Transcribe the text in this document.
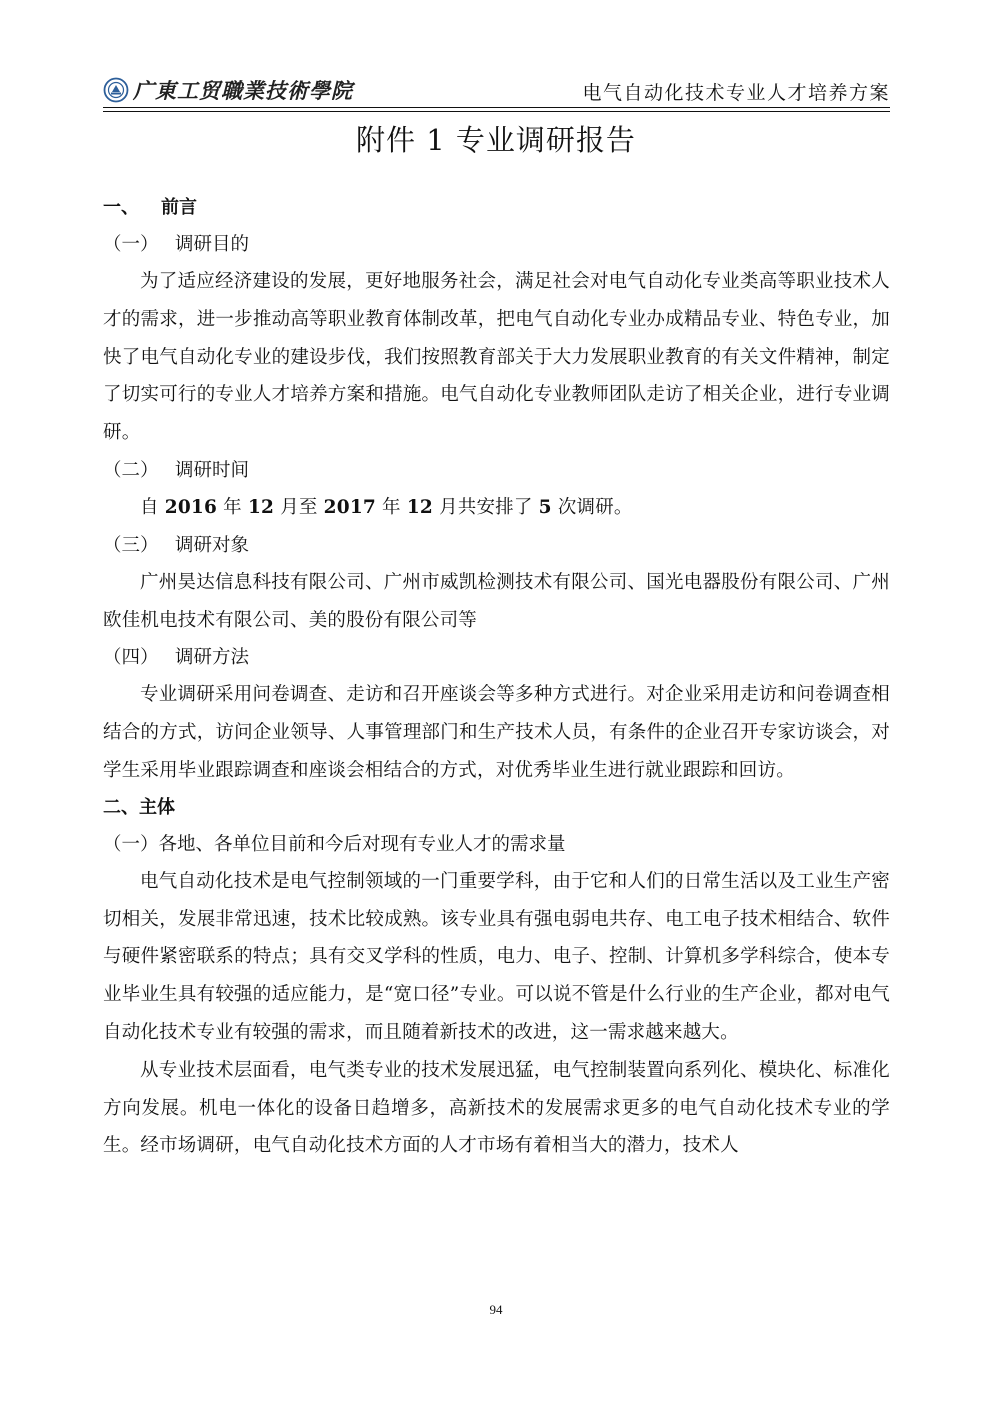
广東工贸職業技術學院	电气自动化技术专业人才培养方案
附件 1 专业调研报告

一、 前言

（一） 调研目的

为了适应经济建设的发展，更好地服务社会，满足社会对电气自动化专业类高等职业技术人才的需求，进一步推动高等职业教育体制改革，把电气自动化专业办成精品专业、特色专业，加快了电气自动化专业的建设步伐，我们按照教育部关于大力发展职业教育的有关文件精神，制定了切实可行的专业人才培养方案和措施。电气自动化专业教师团队走访了相关企业，进行专业调研。

（二） 调研时间

自 2016 年 12 月至 2017 年 12 月共安排了 5 次调研。

（三） 调研对象

广州昊达信息科技有限公司、广州市威凯检测技术有限公司、国光电器股份有限公司、广州欧佳机电技术有限公司、美的股份有限公司等

（四） 调研方法

专业调研采用问卷调查、走访和召开座谈会等多种方式进行。对企业采用走访和问卷调查相结合的方式，访问企业领导、人事管理部门和生产技术人员，有条件的企业召开专家访谈会，对学生采用毕业跟踪调查和座谈会相结合的方式，对优秀毕业生进行就业跟踪和回访。

二、主体

（一）各地、各单位目前和今后对现有专业人才的需求量

电气自动化技术是电气控制领域的一门重要学科，由于它和人们的日常生活以及工业生产密切相关，发展非常迅速，技术比较成熟。该专业具有强电弱电共存、电工电子技术相结合、软件与硬件紧密联系的特点；具有交叉学科的性质，电力、电子、控制、计算机多学科综合，使本专业毕业生具有较强的适应能力，是“宽口径”专业。可以说不管是什么行业的生产企业，都对电气自动化技术专业有较强的需求，而且随着新技术的改进，这一需求越来越大。

从专业技术层面看，电气类专业的技术发展迅猛，电气控制装置向系列化、模块化、标准化方向发展。机电一体化的设备日趋增多，高新技术的发展需求更多的电气自动化技术专业的学生。经市场调研，电气自动化技术方面的人才市场有着相当大的潜力，技术人

94
